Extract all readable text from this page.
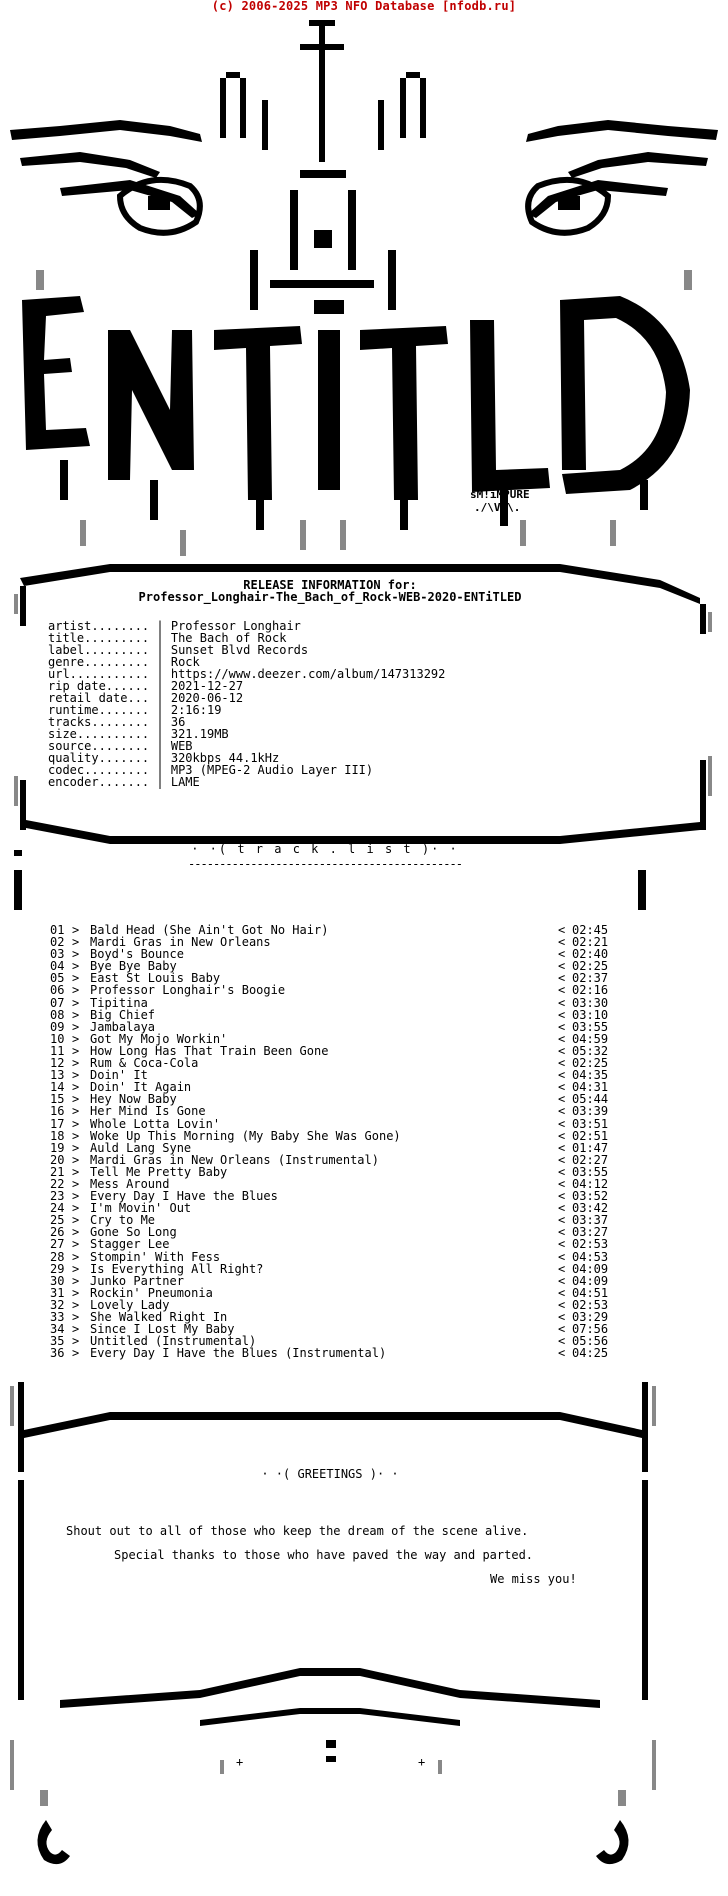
(c) 2006-2025 MP3 NFO Database [nfodb.ru]
+	+
sM!iMPURE
./\V/\.
RELEASE INFORMATION for:
Professor_Longhair-The_Bach_of_Rock-WEB-2020-ENTiTLED
artist........ | Professor Longhair
title......... | The Bach of Rock
label......... | Sunset Blvd Records
genre......... | Rock
url........... | https://www.deezer.com/album/147313292
rip date...... | 2021-12-27
retail date... | 2020-06-12
runtime....... | 2:16:19
tracks........ | 36
size.......... | 321.19MB
source........ | WEB
quality....... | 320kbps 44.1kHz
codec......... | MP3 (MPEG-2 Audio Layer III)
encoder....... | LAME
--------------------------------------------
· ·( t r a c k . l i s t )· ·
--------------------------------------------
01 > Bald Head (She Ain't Got No Hair)	< 02:45
02 > Mardi Gras in New Orleans	< 02:21
03 > Boyd's Bounce	< 02:40
04 > Bye Bye Baby	< 02:25
05 > East St Louis Baby	< 02:37
06 > Professor Longhair's Boogie	< 02:16
07 > Tipitina	< 03:30
08 > Big Chief	< 03:10
09 > Jambalaya	< 03:55
10 > Got My Mojo Workin'	< 04:59
11 > How Long Has That Train Been Gone	< 05:32
12 > Rum & Coca-Cola	< 02:25
13 > Doin' It	< 04:35
14 > Doin' It Again	< 04:31
15 > Hey Now Baby	< 05:44
16 > Her Mind Is Gone	< 03:39
17 > Whole Lotta Lovin'	< 03:51
18 > Woke Up This Morning (My Baby She Was Gone)	< 02:51
19 > Auld Lang Syne	< 01:47
20 > Mardi Gras in New Orleans (Instrumental)	< 02:27
21 > Tell Me Pretty Baby	< 03:55
22 > Mess Around	< 04:12
23 > Every Day I Have the Blues	< 03:52
24 > I'm Movin' Out	< 03:42
25 > Cry to Me	< 03:37
26 > Gone So Long	< 03:27
27 > Stagger Lee	< 02:53
28 > Stompin' With Fess	< 04:53
29 > Is Everything All Right?	< 04:09
30 > Junko Partner	< 04:09
31 > Rockin' Pneumonia	< 04:51
32 > Lovely Lady	< 02:53
33 > She Walked Right In	< 03:29
34 > Since I Lost My Baby	< 07:56
35 > Untitled (Instrumental)	< 05:56
36 > Every Day I Have the Blues (Instrumental)	< 04:25
· ·( GREETINGS )· ·
Shout out to all of those who keep the dream of the scene alive.
Special thanks to those who have paved the way and parted.
We miss you!
